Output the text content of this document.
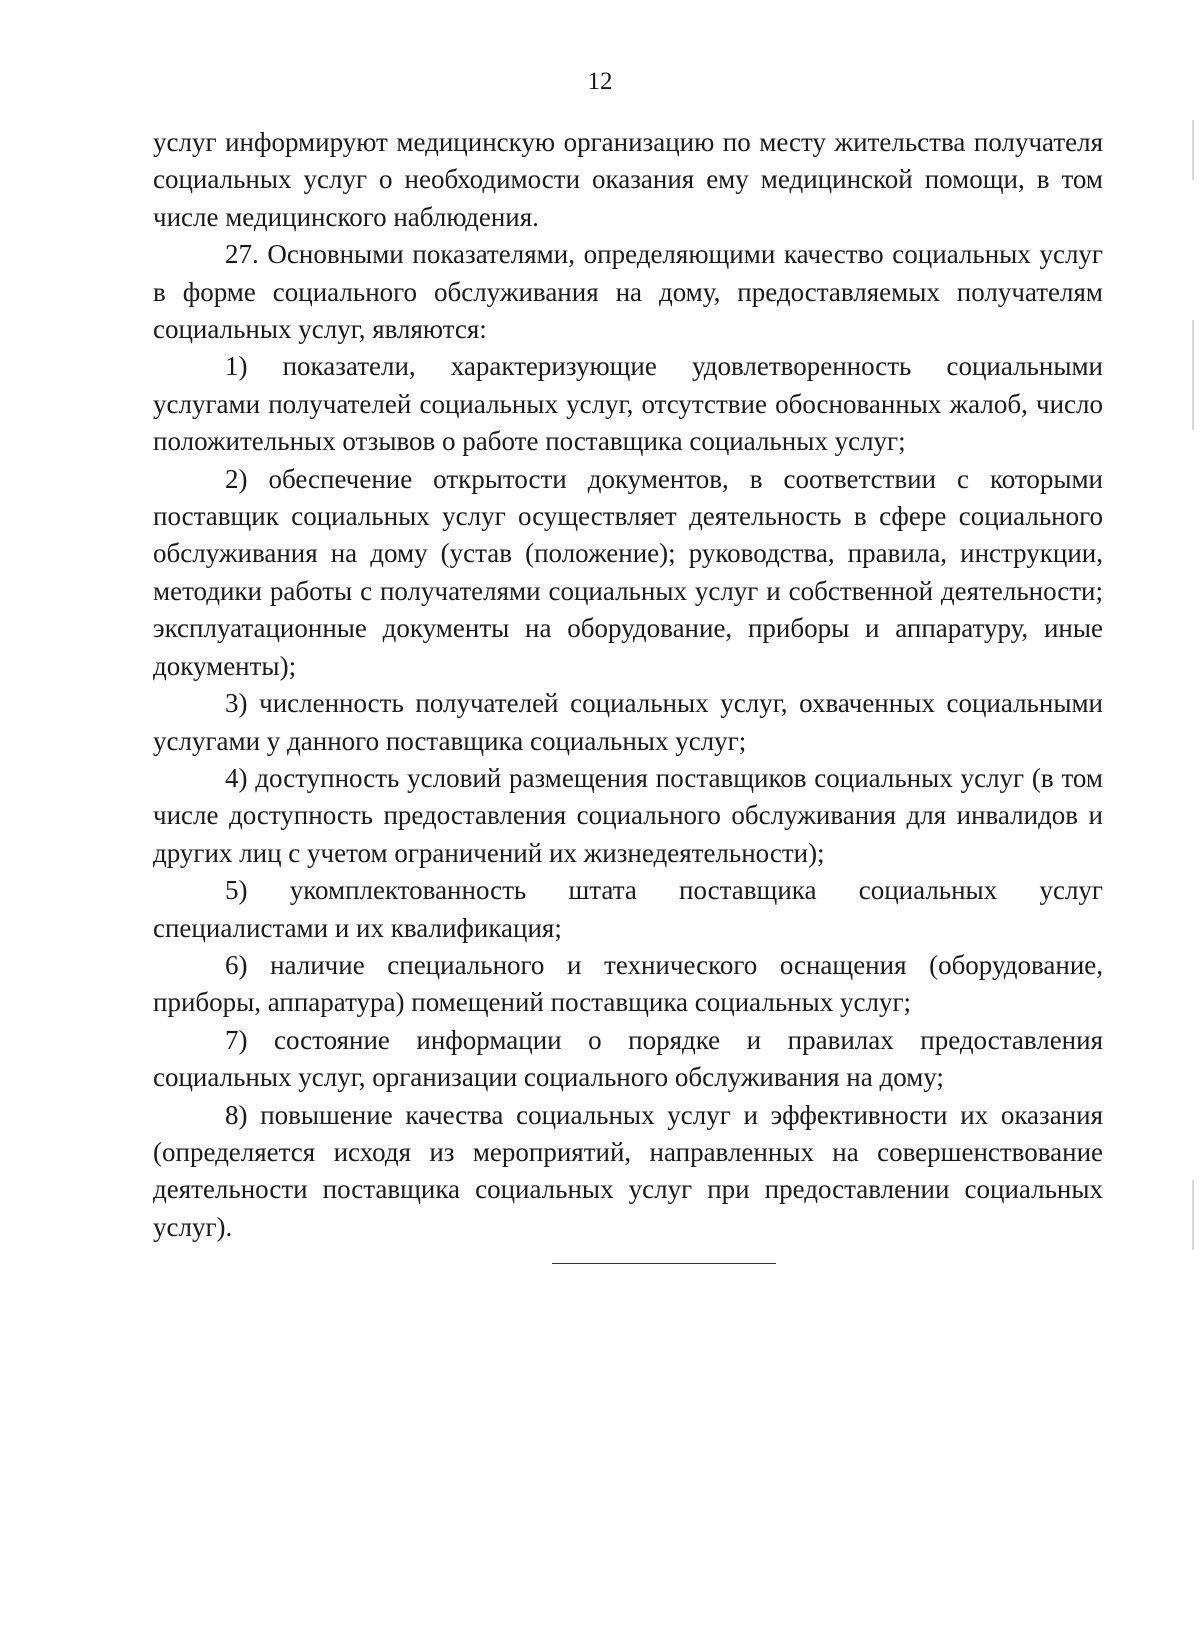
12

услуг информируют медицинскую организацию по месту жительства получателя социальных услуг о необходимости оказания ему медицинской помощи, в том числе медицинского наблюдения.

27. Основными показателями, определяющими качество социальных услуг в форме социального обслуживания на дому, предоставляемых получателям социальных услуг, являются:

1) показатели, характеризующие удовлетворенность социальными услугами получателей социальных услуг, отсутствие обоснованных жалоб, число положительных отзывов о работе поставщика социальных услуг;

2) обеспечение открытости документов, в соответствии с которыми поставщик социальных услуг осуществляет деятельность в сфере социального обслуживания на дому (устав (положение); руководства, правила, инструкции, методики работы с получателями социальных услуг и собственной деятельности; эксплуатационные документы на оборудование, приборы и аппаратуру, иные документы);

3) численность получателей социальных услуг, охваченных социальными услугами у данного поставщика социальных услуг;

4) доступность условий размещения поставщиков социальных услуг (в том числе доступность предоставления социального обслуживания для инвалидов и других лиц с учетом ограничений их жизнедеятельности);

5) укомплектованность штата поставщика социальных услуг специалистами и их квалификация;

6) наличие специального и технического оснащения (оборудование, приборы, аппаратура) помещений поставщика социальных услуг;

7) состояние информации о порядке и правилах предоставления социальных услуг, организации социального обслуживания на дому;

8) повышение качества социальных услуг и эффективности их оказания (определяется исходя из мероприятий, направленных на совершенствование деятельности поставщика социальных услуг при предоставлении социальных услуг).
